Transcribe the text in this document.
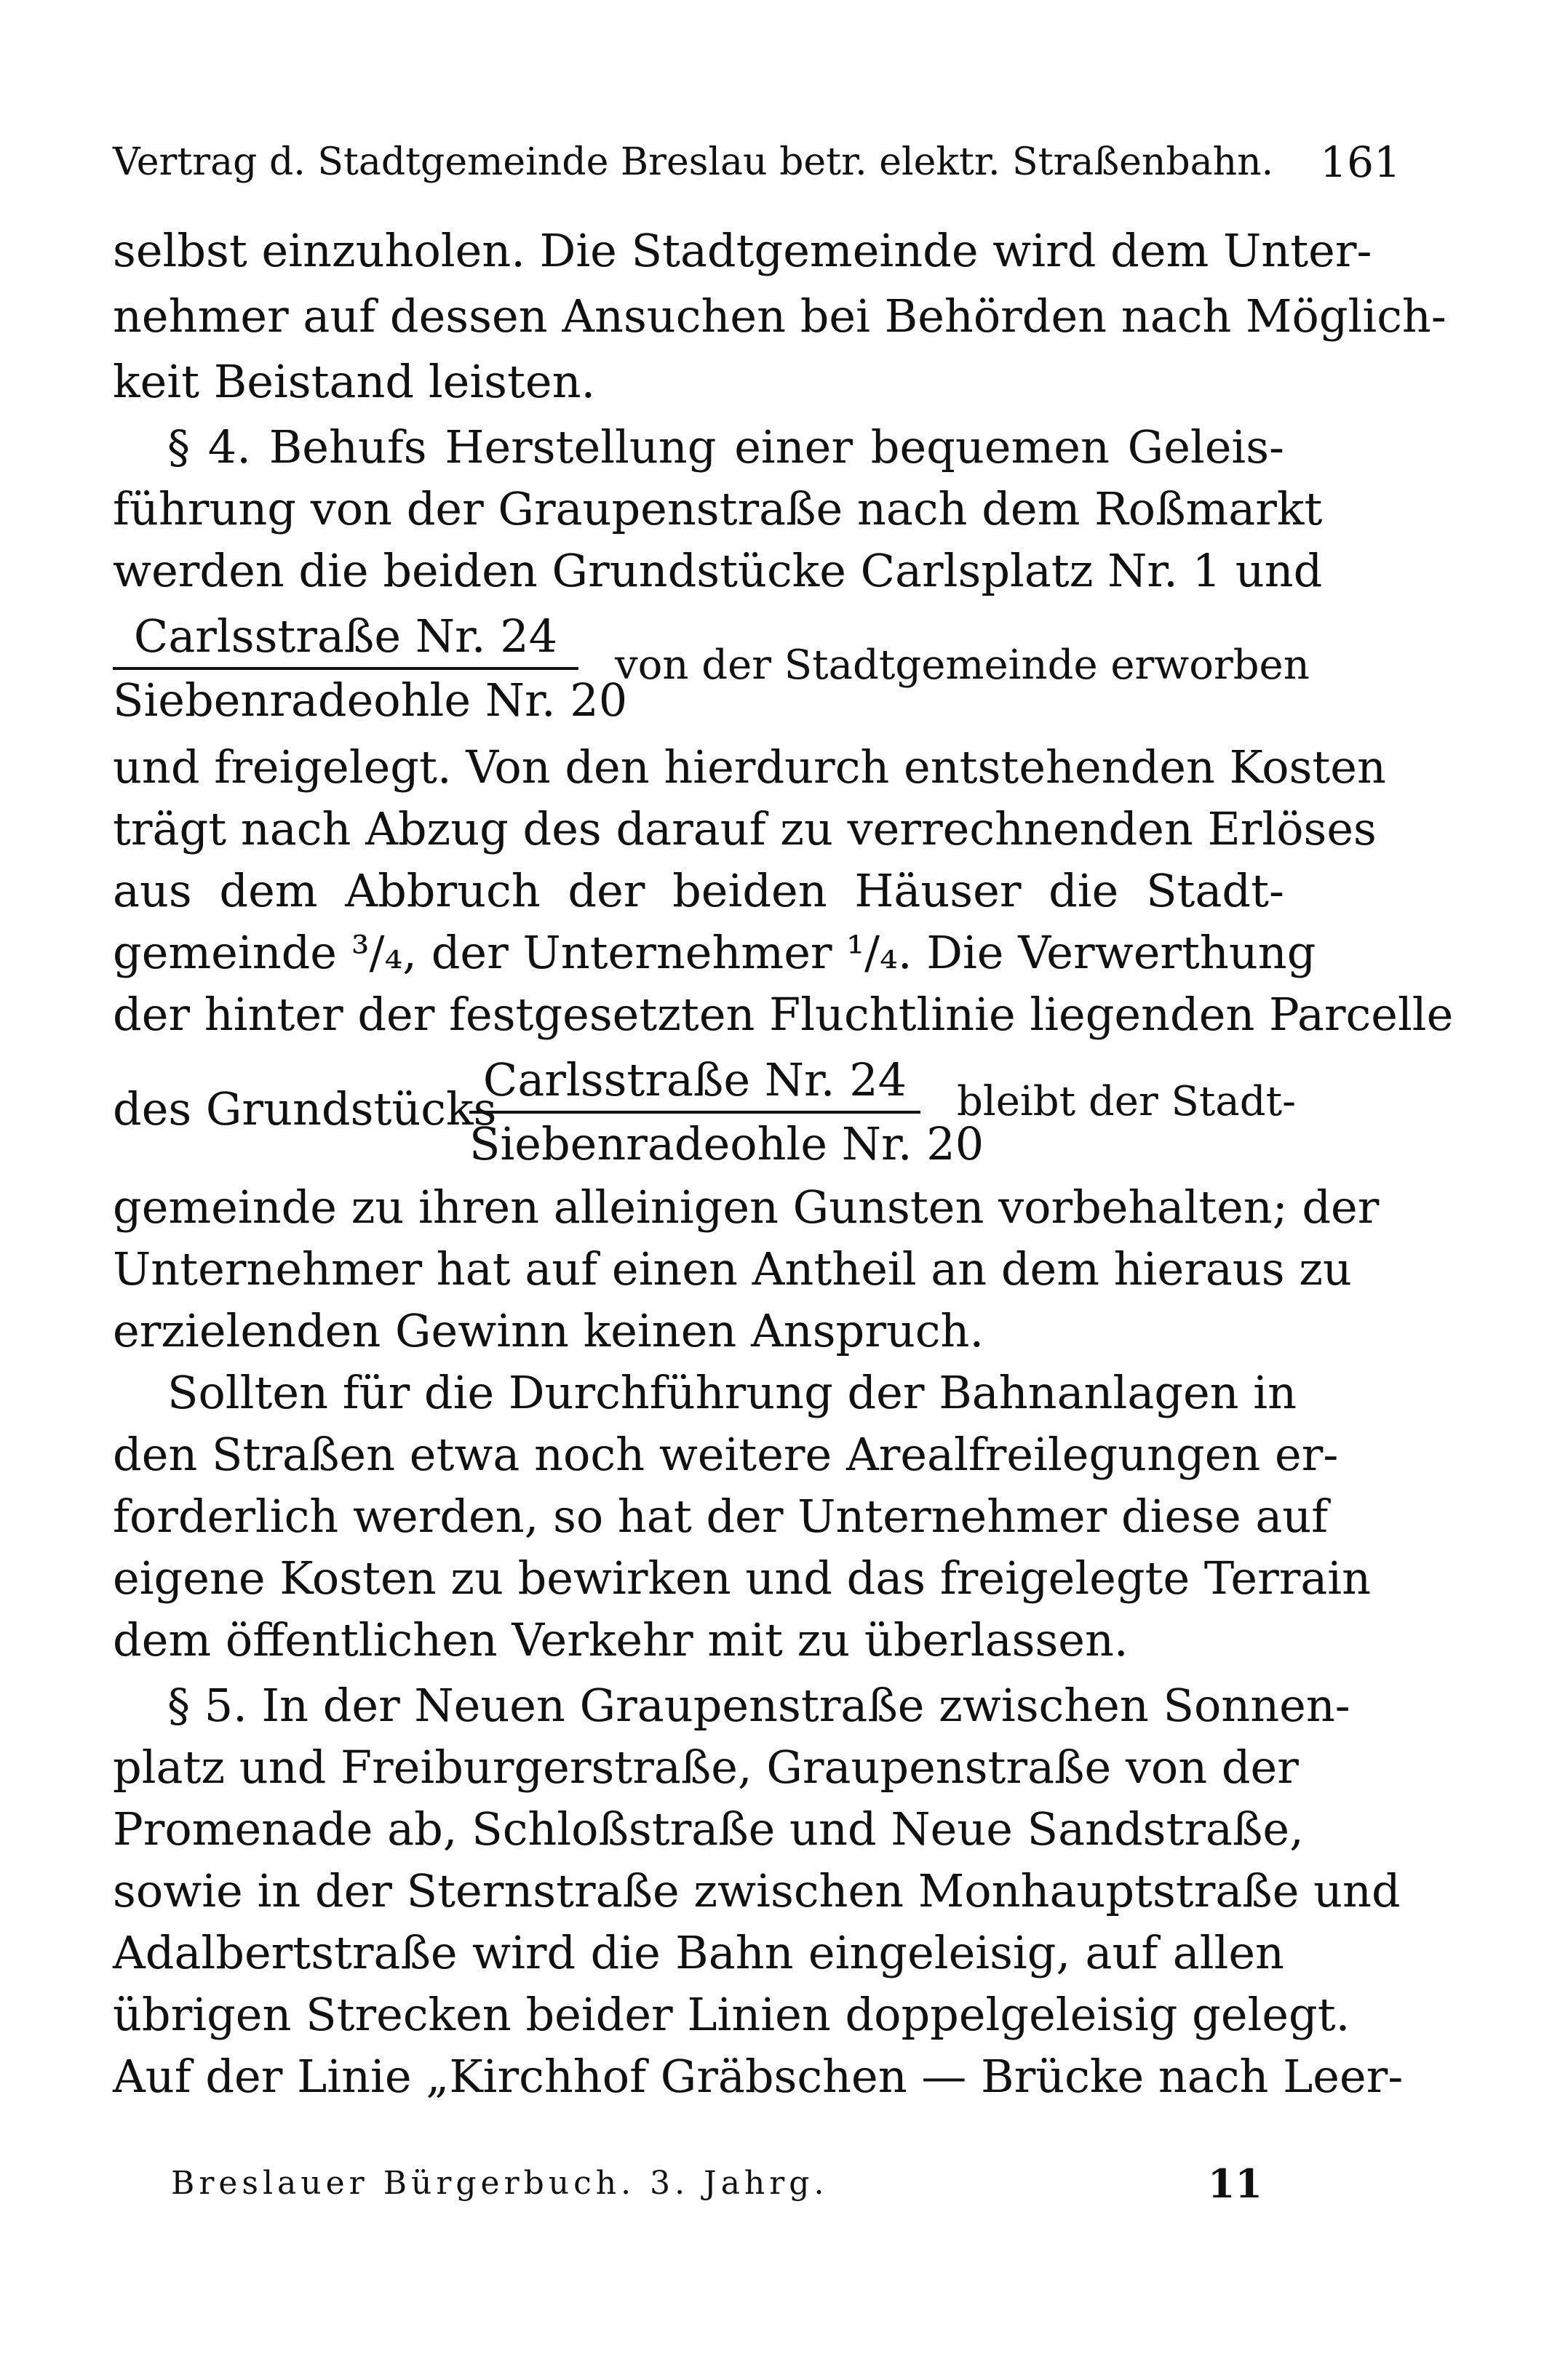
Vertrag d. Stadtgemeinde Breslau betr. elektr. Straßenbahn. 161
selbst einzuholen. Die Stadtgemeinde wird dem Unter-
nehmer auf dessen Ansuchen bei Behörden nach Möglich-
keit Beistand leisten.
§ 4. Behufs Herstellung einer bequemen Geleis-
führung von der Graupenstraße nach dem Roßmarkt
werden die beiden Grundstücke Carlsplatz Nr. 1 und
Carlsstraße Nr. 24
Siebenradeohle Nr. 20
von der Stadtgemeinde erworben
und freigelegt. Von den hierdurch entstehenden Kosten
trägt nach Abzug des darauf zu verrechnenden Erlöses
aus dem Abbruch der beiden Häuser die Stadt-
gemeinde ³/₄, der Unternehmer ¹/₄. Die Verwerthung
der hinter der festgesetzten Fluchtlinie liegenden Parcelle
des Grundstücks
Carlsstraße Nr. 24
Siebenradeohle Nr. 20
bleibt der Stadt-
gemeinde zu ihren alleinigen Gunsten vorbehalten; der
Unternehmer hat auf einen Antheil an dem hieraus zu
erzielenden Gewinn keinen Anspruch.
Sollten für die Durchführung der Bahnanlagen in
den Straßen etwa noch weitere Arealfreilegungen er-
forderlich werden, so hat der Unternehmer diese auf
eigene Kosten zu bewirken und das freigelegte Terrain
dem öffentlichen Verkehr mit zu überlassen.
§ 5. In der Neuen Graupenstraße zwischen Sonnen-
platz und Freiburgerstraße, Graupenstraße von der
Promenade ab, Schloßstraße und Neue Sandstraße,
sowie in der Sternstraße zwischen Monhauptstraße und
Adalbertstraße wird die Bahn eingeleisig, auf allen
übrigen Strecken beider Linien doppelgeleisig gelegt.
Auf der Linie „Kirchhof Gräbschen — Brücke nach Leer-
Breslauer Bürgerbuch. 3. Jahrg.	11
